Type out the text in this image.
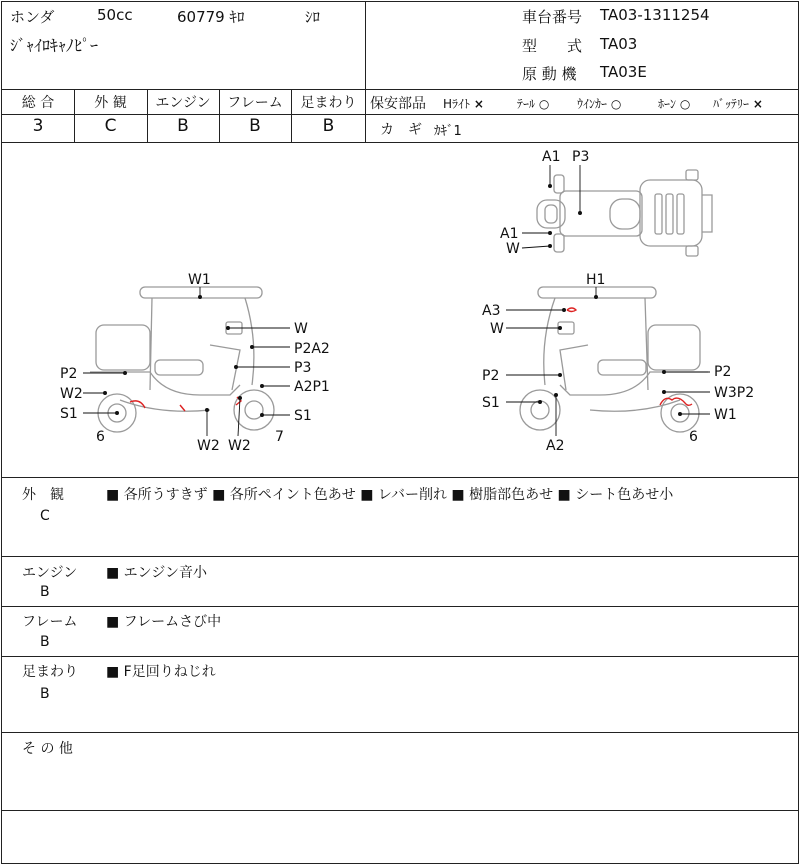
ホンダ	50cc	60779 ｷﾛ	ｼﾛ
ｼﾞｬｲﾛｷｬﾉﾋﾟｰ
車台番号 TA03-1311254
型　　式 TA03
原 動 機 TA03E
総 合	外 観	エンジン	フレーム	足まわり
3	C	B	B	B
保安部品 Hﾗｲﾄ ×	ﾃｰﾙ ○ ｳｲﾝｶｰ ○	ﾎｰﾝ ○ ﾊﾞｯﾃﾘｰ ×
カ　ギ ｶｷﾞ1
A1 P3
A1
W
W1
W
P2A2
P3
P2
A2P1
W2
S1	S1
6
W2 W2
7
H1
A3
W
P2	P2
W3P2
S1
W1
6
A2
外　観
C
■ 各所うすきず ■ 各所ペイント色あせ ■ レバー削れ ■ 樹脂部色あせ ■ シート色あせ小
エンジン
B
■ エンジン音小
フレーム
B
■ フレームさび中
足まわり
B
■ F足回りねじれ
そ の 他
